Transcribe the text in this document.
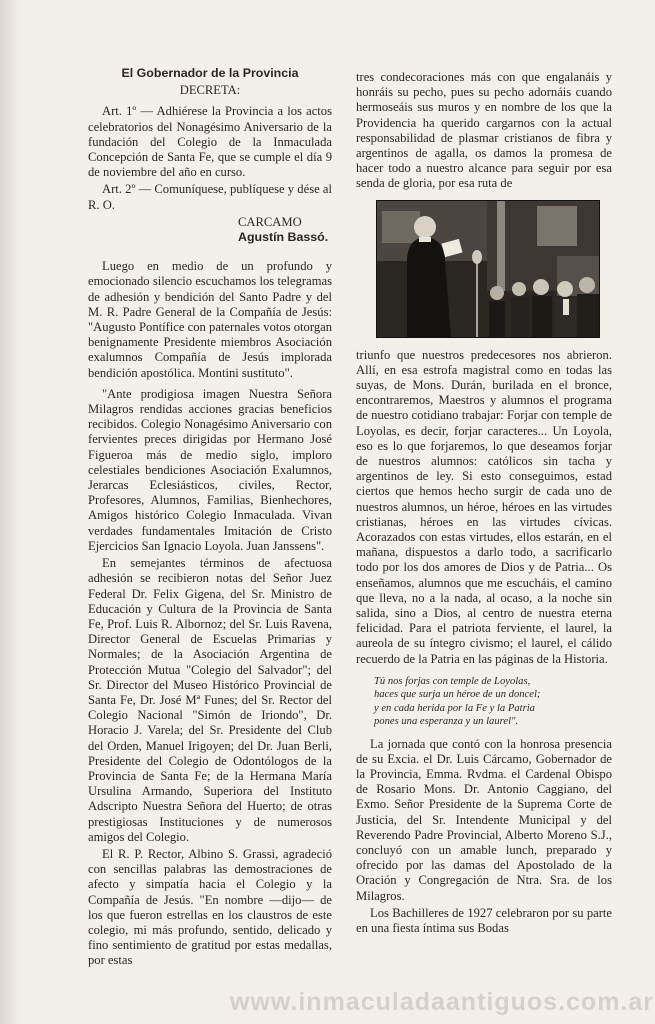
El Gobernador de la Provincia

DECRETA:

Art. 1º — Adhiérese la Provincia a los actos celebratorios del Nonagésimo Aniversario de la fundación del Colegio de la Inmaculada Concepción de Santa Fe, que se cumple el día 9 de noviembre del año en curso.

Art. 2º — Comuníquese, publíquese y dése al R. O.

CARCAMO

Agustín Bassó.

Luego en medio de un profundo y emocionado silencio escuchamos los telegramas de adhesión y bendición del Santo Padre y del M. R. Padre General de la Compañía de Jesús: "Augusto Pontífice con paternales votos otorgan benignamente Presidente miembros Asociación exalumnos Compañía de Jesús implorada bendición apostólica. Montini sustituto".

"Ante prodigiosa imagen Nuestra Señora Milagros rendidas acciones gracias beneficios recibidos. Colegio Nonagésimo Aniversario con fervientes preces dirigidas por Hermano José Figueroa más de medio siglo, imploro celestiales bendiciones Asociación Exalumnos, Jerarcas Eclesiásticos, civiles, Rector, Profesores, Alumnos, Familias, Bienhechores, Amigos histórico Colegio Inmaculada. Vivan verdades fundamentales Imitación de Cristo Ejercicios San Ignacio Loyola. Juan Janssens".

En semejantes términos de afectuosa adhesión se recibieron notas del Señor Juez Federal Dr. Felix Gigena, del Sr. Ministro de Educación y Cultura de la Provincia de Santa Fe, Prof. Luis R. Albornoz; del Sr. Luis Ravena, Director General de Escuelas Primarias y Normales; de la Asociación Argentina de Protección Mutua "Colegio del Salvador"; del Sr. Director del Museo Histórico Provincial de Santa Fe, Dr. José Mª Funes; del Sr. Rector del Colegio Nacional "Simón de Iriondo", Dr. Horacio J. Varela; del Sr. Presidente del Club del Orden, Manuel Irigoyen; del Dr. Juan Berli, Presidente del Colegio de Odontólogos de la Provincia de Santa Fe; de la Hermana María Ursulina Armando, Superiora del Instituto Adscripto Nuestra Señora del Huerto; de otras prestigiosas Instituciones y de numerosos amigos del Colegio.

El R. P. Rector, Albino S. Grassi, agradeció con sencillas palabras las demostraciones de afecto y simpatía hacia el Colegio y la Compañía de Jesús. "En nombre —dijo— de los que fueron estrellas en los claustros de este colegio, mi más profundo, sentido, delicado y fino sentimiento de gratitud por estas medallas, por estas

tres condecoraciones más con que engalanáis y honráis su pecho, pues su pecho adornáis cuando hermoseáis sus muros y en nombre de los que la Providencia ha querido cargarnos con la actual responsabilidad de plasmar cristianos de fibra y argentinos de agalla, os damos la promesa de hacer todo a nuestro alcance para seguir por esa senda de gloria, por esa ruta de

triunfo que nuestros predecesores nos abrieron. Allí, en esa estrofa magistral como en todas las suyas, de Mons. Durán, burilada en el bronce, encontraremos, Maestros y alumnos el programa de nuestro cotidiano trabajar: Forjar con temple de Loyolas, es decir, forjar caracteres... Un Loyola, eso es lo que forjaremos, lo que deseamos forjar de nuestros alumnos: católicos sin tacha y argentinos de ley. Si esto conseguimos, estad ciertos que hemos hecho surgir de cada uno de nuestros alumnos, un héroe, héroes en las virtudes cristianas, héroes en las virtudes cívicas. Acorazados con estas virtudes, ellos estarán, en el mañana, dispuestos a darlo todo, a sacrificarlo todo por los dos amores de Dios y de Patria... Os enseñamos, alumnos que me escucháis, el camino que lleva, no a la nada, al ocaso, a la noche sin salida, sino a Dios, al centro de nuestra eterna felicidad. Para el patriota ferviente, el laurel, la aureola de su íntegro civismo; el laurel, el cálido recuerdo de la Patria en las páginas de la Historia.

Tú nos forjas con temple de Loyolas,
haces que surja un héroe de un doncel;
y en cada herida por la Fe y la Patria
pones una esperanza y un laurel".

La jornada que contó con la honrosa presencia de su Excia. el Dr. Luis Cárcamo, Gobernador de la Provincia, Emma. Rvdma. el Cardenal Obispo de Rosario Mons. Dr. Antonio Caggiano, del Exmo. Señor Presidente de la Suprema Corte de Justicia, del Sr. Intendente Municipal y del Reverendo Padre Provincial, Alberto Moreno S.J., concluyó con un amable lunch, preparado y ofrecido por las damas del Apostolado de la Oración y Congregación de Ntra. Sra. de los Milagros.

Los Bachilleres de 1927 celebraron por su parte en una fiesta íntima sus Bodas

www.inmaculadaantiguos.com.ar
